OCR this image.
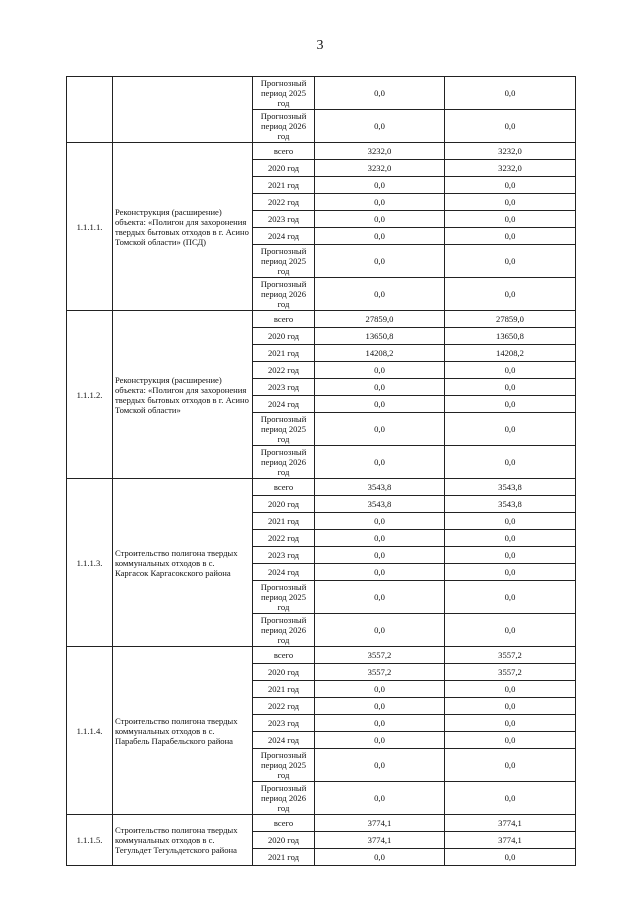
3
		Прогнозный период 2025 год	0,0	0,0
		Прогнозный период 2026 год	0,0	0,0
1.1.1.1.	Реконструкция (расширение) объекта: «Полигон для захоронения твердых бытовых отходов в г. Асино Томской области» (ПСД)	всего	3232,0	3232,0
		2020 год	3232,0	3232,0
		2021 год	0,0	0,0
		2022 год	0,0	0,0
		2023 год	0,0	0,0
		2024 год	0,0	0,0
		Прогнозный период 2025 год	0,0	0,0
		Прогнозный период 2026 год	0,0	0,0
1.1.1.2.	Реконструкция (расширение) объекта: «Полигон для захоронения твердых бытовых отходов в г. Асино Томской области»	всего	27859,0	27859,0
		2020 год	13650,8	13650,8
		2021 год	14208,2	14208,2
		2022 год	0,0	0,0
		2023 год	0,0	0,0
		2024 год	0,0	0,0
		Прогнозный период 2025 год	0,0	0,0
		Прогнозный период 2026 год	0,0	0,0
1.1.1.3.	Строительство полигона твердых коммунальных отходов в с. Каргасок Каргасокского района	всего	3543,8	3543,8
		2020 год	3543,8	3543,8
		2021 год	0,0	0,0
		2022 год	0,0	0,0
		2023 год	0,0	0,0
		2024 год	0,0	0,0
		Прогнозный период 2025 год	0,0	0,0
		Прогнозный период 2026 год	0,0	0,0
1.1.1.4.	Строительство полигона твердых коммунальных отходов в с. Парабель Парабельского района	всего	3557,2	3557,2
		2020 год	3557,2	3557,2
		2021 год	0,0	0,0
		2022 год	0,0	0,0
		2023 год	0,0	0,0
		2024 год	0,0	0,0
		Прогнозный период 2025 год	0,0	0,0
		Прогнозный период 2026 год	0,0	0,0
1.1.1.5.	Строительство полигона твердых коммунальных отходов в с. Тегульдет Тегульдетского района	всего	3774,1	3774,1
		2020 год	3774,1	3774,1
		2021 год	0,0	0,0
